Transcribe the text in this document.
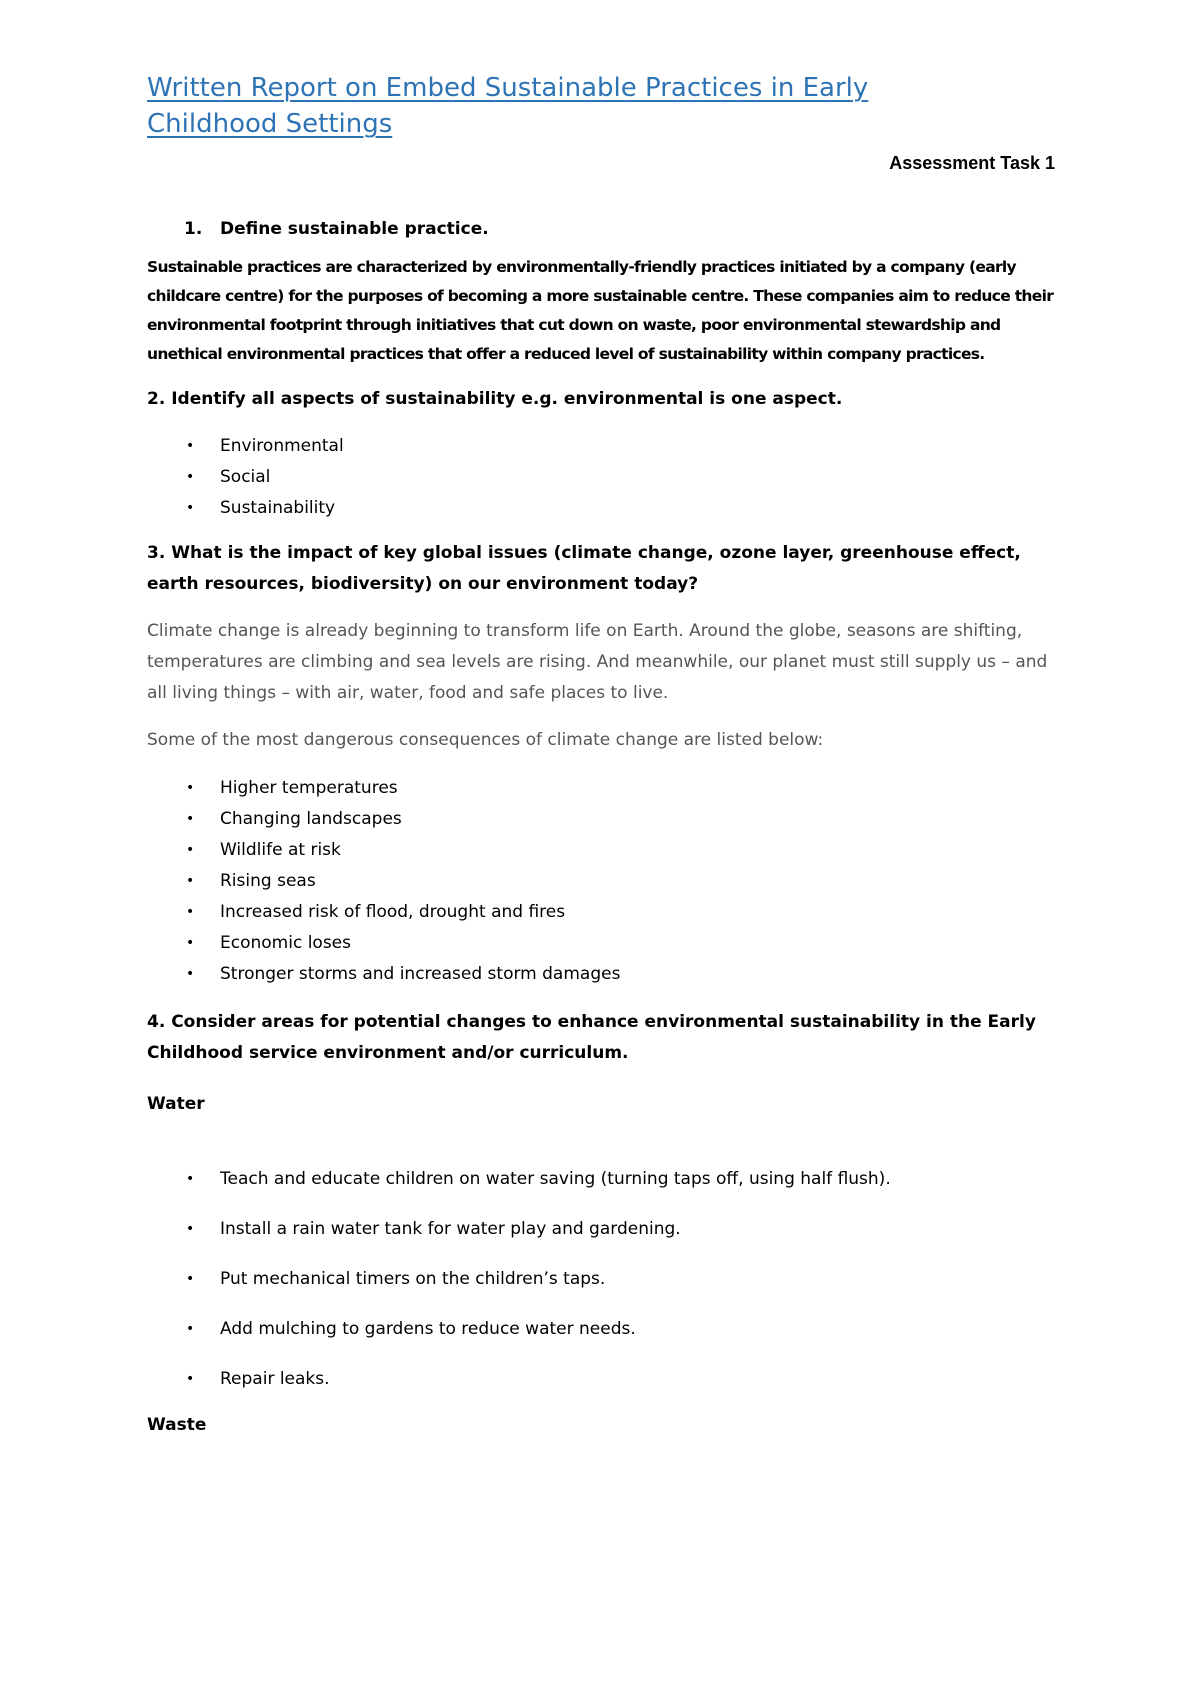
Written Report on Embed Sustainable Practices in Early
Childhood Settings

Assessment Task 1

1. Define sustainable practice.

Sustainable practices are characterized by environmentally-friendly practices initiated by a company (early childcare centre) for the purposes of becoming a more sustainable centre. These companies aim to reduce their environmental footprint through initiatives that cut down on waste, poor environmental stewardship and unethical environmental practices that offer a reduced level of sustainability within company practices.

2. Identify all aspects of sustainability e.g. environmental is one aspect.

• Environmental
• Social
• Sustainability

3. What is the impact of key global issues (climate change, ozone layer, greenhouse effect, earth resources, biodiversity) on our environment today?

Climate change is already beginning to transform life on Earth. Around the globe, seasons are shifting, temperatures are climbing and sea levels are rising. And meanwhile, our planet must still supply us – and all living things – with air, water, food and safe places to live.

Some of the most dangerous consequences of climate change are listed below:

• Higher temperatures
• Changing landscapes
• Wildlife at risk
• Rising seas
• Increased risk of flood, drought and fires
• Economic loses
• Stronger storms and increased storm damages

4. Consider areas for potential changes to enhance environmental sustainability in the Early Childhood service environment and/or curriculum.

Water

• Teach and educate children on water saving (turning taps off, using half flush).
• Install a rain water tank for water play and gardening.
• Put mechanical timers on the children’s taps.
• Add mulching to gardens to reduce water needs.
• Repair leaks.

Waste
